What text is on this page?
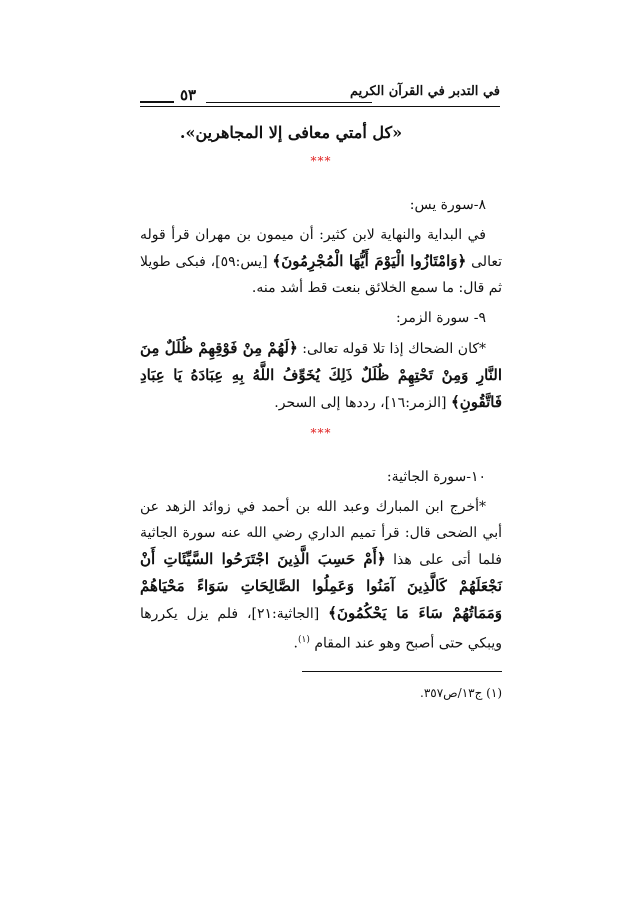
في التدبر في القرآن الكريم
٥٣

«كل أمتي معافى إلا المجاهرين».

***

٨-سورة يس:

في البداية والنهاية لابن كثير: أن ميمون بن مهران قرأ قوله تعالى ﴿وَامْتَازُوا الْيَوْمَ أَيُّهَا الْمُجْرِمُونَ﴾ [يس:٥٩]، فبكى طويلا ثم قال: ما سمع الخلائق بنعت قط أشد منه.

٩- سورة الزمر:

*كان الضحاك إذا تلا قوله تعالى: ﴿لَهُمْ مِنْ فَوْقِهِمْ ظُلَلٌ مِنَ النَّارِ وَمِنْ تَحْتِهِمْ ظُلَلٌ ذَلِكَ يُخَوِّفُ اللَّهُ بِهِ عِبَادَهُ يَا عِبَادِ فَاتَّقُونِ﴾ [الزمر:١٦]، رددها إلى السحر.

***

١٠-سورة الجاثية:

*أخرج ابن المبارك وعبد الله بن أحمد في زوائد الزهد عن أبي الضحى قال: قرأ تميم الداري رضي الله عنه سورة الجاثية فلما أتى على هذا ﴿أَمْ حَسِبَ الَّذِينَ اجْتَرَحُوا السَّيِّئَاتِ أَنْ نَجْعَلَهُمْ كَالَّذِينَ آمَنُوا وَعَمِلُوا الصَّالِحَاتِ سَوَاءً مَحْيَاهُمْ وَمَمَاتُهُمْ سَاءَ مَا يَحْكُمُونَ﴾ [الجاثية:٢١]، فلم يزل يكررها ويبكي حتى أصبح وهو عند المقام $^{(١)}$.

(١) ج١٣/ص٣٥٧.
